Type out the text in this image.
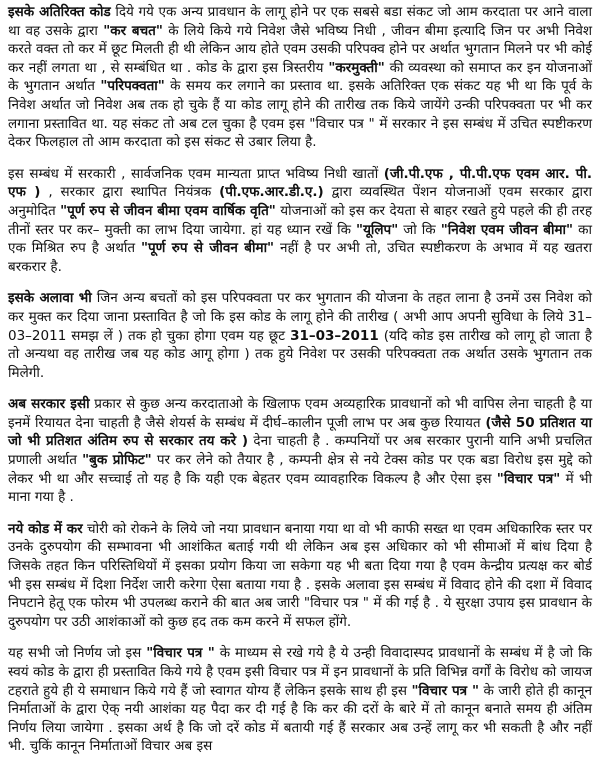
इसके अतिरिक्त कोड दिये गये एक अन्य प्रावधान के लागू होने पर एक सबसे बडा संकट जो आम करदाता पर आने वाला था वह उसके द्वारा "कर बचत" के लिये किये गये निवेश जैसे भविष्य निधी , जीवन बीमा इत्यादि जिन पर अभी निवेश करते वक्त तो कर में छूट मिलती ही थी लेकिन आय होते एवम उसकी परिपक्व होने पर अर्थात भुगतान मिलने पर भी कोई कर नहीं लगता था , से सम्बंधित था . कोड के द्वारा इस त्रिस्तरीय "करमुक्ती" की व्यवस्था को समाप्त कर इन योजनाओं के भुगतान अर्थात "परिपक्वता" के समय कर लगाने का प्रस्ताव था. इसके अतिरिक्त एक संकट यह भी था कि पूर्व के निवेश अर्थात जो निवेश अब तक हो चुके हैं या कोड लागू होने की तारीख तक किये जायेंगे उन्की परिपक्वता पर भी कर लगाना प्रस्तावित था. यह संकट तो अब टल चुका है एवम इस "विचार पत्र " में सरकार ने इस सम्बंध में उचित स्पष्टीकरण देकर फिलहाल तो आम करदाता को इस संकट से उबार लिया है.

इस सम्बंध में सरकारी , सार्वजनिक एवम मान्यता प्राप्त भविष्य निधी खातों (जी.पी.एफ , पी.पी.एफ एवम आर. पी. एफ ) , सरकार द्वारा स्थापित नियंत्रक (पी.एफ.आर.डी.ए.) द्वारा व्यवस्थित पेंशन योजनाओं एवम सरकार द्वारा अनुमोदित "पूर्ण रुप से जीवन बीमा एवम वार्षिक वृति" योजनाओं को इस कर देयता से बाहर रखते हुये पहले की ही तरह तीनों स्तर पर कर– मुक्ती का लाभ दिया जायेगा. हां यह ध्यान रखें कि "यूलिप" जो कि "निवेश एवम जीवन बीमा" का एक मिश्रित रुप है अर्थात "पूर्ण रुप से जीवन बीमा" नहीं है पर अभी तो, उचित स्पष्टीकरण के अभाव में यह खतरा बरकरार है.

इसके अलावा भी जिन अन्य बचतों को इस परिपक्वता पर कर भुगतान की योजना के तहत लाना है उनमें उस निवेश को कर मुक्त कर दिया जाना प्रस्तावित है जो कि इस कोड के लागू होने की तारीख ( अभी आप अपनी सुविधा के लिये 31–03–2011 समझ लें ) तक हो चुका होगा एवम यह छूट 31–03–2011 (यदि कोड इस तारीख को लागू हो जाता है तो अन्यथा वह तारीख जब यह कोड आगू होगा ) तक हुये निवेश पर उसकी परिपक्वता तक अर्थात उसके भुगतान तक मिलेगी.

अब सरकार इसी प्रकार से कुछ अन्य करदाताओ के खिलाफ एवम अव्यहारिक प्रावधानों को भी वापिस लेना चाहती है या इनमें रियायत देना चाहती है जैसे शेयर्स के सम्बंध में दीर्घ–कालीन पूजी लाभ पर अब कुछ रियायत (जैसे 50 प्रतिशत या जो भी प्रतिशत अंतिम रुप से सरकार तय करे ) देना चाहती है . कम्पनियों पर अब सरकार पुरानी यानि अभी प्रचलित प्रणाली अर्थात "बुक प्रोफिट" पर कर लेने को तैयार है , कम्पनी क्षेत्र से नये टेक्स कोड पर एक बडा विरोध इस मुद्दे को लेकर भी था और सच्चाई तो यह है कि यही एक बेहतर एवम व्यावहारिक विकल्प है और ऐसा इस "विचार पत्र" में भी माना गया है .

नये कोड में कर चोरी को रोकने के लिये जो नया प्रावधान बनाया गया था वो भी काफी सख्त था एवम अधिकारिक स्तर पर उनके दुरुपयोग की सम्भावना भी आशंकित बताई गयी थी लेकिन अब इस अधिकार को भी सीमाओं में बांध दिया है जिसके तहत किन परिस्तिथियों में इसका प्रयोग किया जा सकेगा यह भी बता दिया गया है एवम केन्द्रीय प्रत्यक्ष कर बोर्ड भी इस सम्बंध में दिशा निर्देश जारी करेगा ऐसा बताया गया है . इसके अलावा इस सम्बंध में विवाद होने की दशा में विवाद निपटाने हेतू एक फोरम भी उपलब्ध कराने की बात अब जारी "विचार पत्र " में की गई है . ये सुरक्षा उपाय इस प्रावधान के दुरुपयोग पर उठी आशंकाओं को कुछ हद तक कम करने में सफल होंगे.

यह सभी जो निर्णय जो इस "विचार पत्र " के माध्यम से रखे गये है ये उन्ही विवादास्पद प्रावधानों के सम्बंध में है जो कि स्वयं कोड के द्वारा ही प्रस्तावित किये गये है एवम इसी विचार पत्र में इन प्रावधानों के प्रति विभिन्न वर्गों के विरोध को जायज टहराते हुये ही ये समाधान किये गये हैं जो स्वागत योग्य हैं लेकिन इसके साथ ही इस "विचार पत्र " के जारी होते ही कानून निर्माताओं के द्वारा ऐक् नयी आशंका यह पैदा कर दी गई है कि कर की दरों के बारे में तो कानून बनाते समय ही अंतिम निर्णय लिया जायेगा . इसका अर्थ है कि जो दरें कोड में बतायी गई हैं सरकार अब उन्हें लागू कर भी सकती है और नहीं भी. चुकिं कानून निर्माताओं विचार अब इस
